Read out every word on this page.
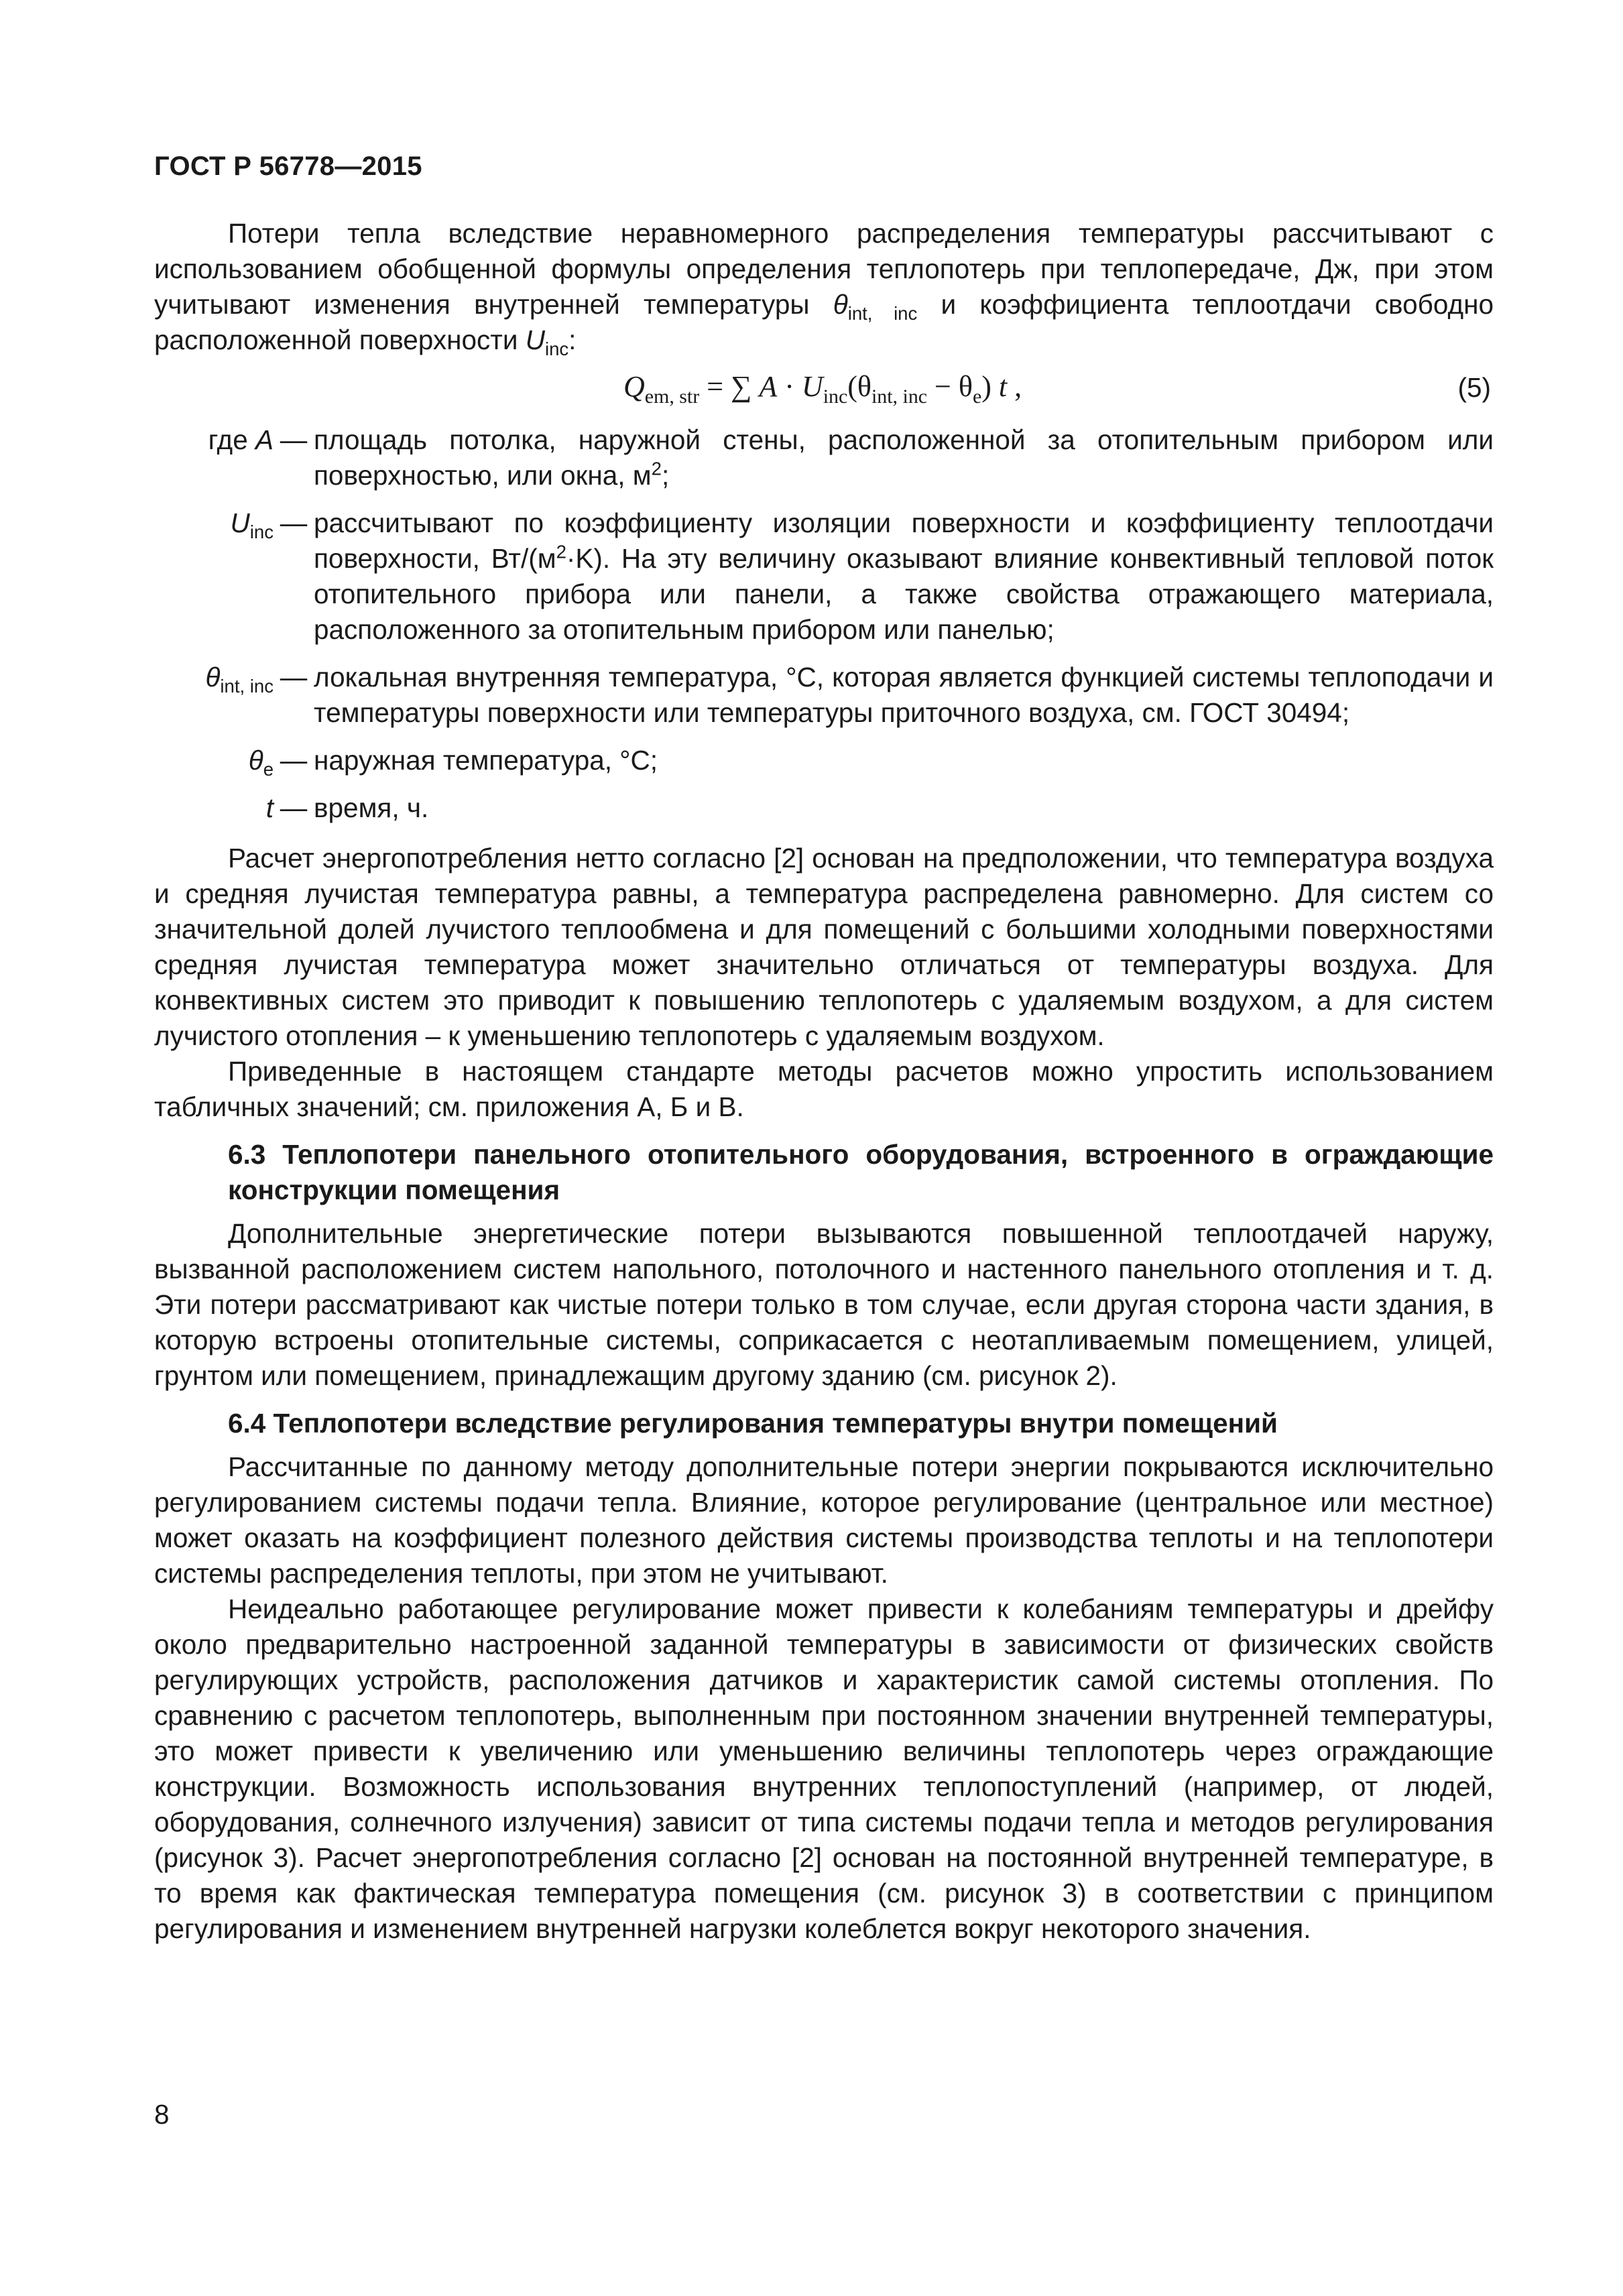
ГОСТ Р 56778—2015

Потери тепла вследствие неравномерного распределения температуры рассчитывают с использованием обобщенной формулы определения теплопотерь при теплопередаче, Дж, при этом учитывают изменения внутренней температуры $\theta_{int, inc}$ и коэффициента теплоотдачи свободно расположенной поверхности $U_{inc}$:

$Q_{em, str}$ = ∑ $A \cdot U_{inc}(\theta_{int, inc} - \theta_e)$ t ,	(5)
где A — площадь потолка, наружной стены, расположенной за отопительным прибором или поверхностью, или окна, $м^2$;
$U_{inc}$ — рассчитывают по коэффициенту изоляции поверхности и коэффициенту теплоотдачи поверхности, $Вт/(м^2\cdot K)$. На эту величину оказывают влияние конвективный тепловой поток отопительного прибора или панели, а также свойства отражающего материала, расположенного за отопительным прибором или панелью;
$\theta_{int, inc}$ — локальная внутренняя температура, °C, которая является функцией системы теплоподачи и температуры поверхности или температуры приточного воздуха, см. ГОСТ 30494;
$\theta_e$ — наружная температура, °C;
t — время, ч.

Расчет энергопотребления нетто согласно [2] основан на предположении, что температура воздуха и средняя лучистая температура равны, а температура распределена равномерно. Для систем со значительной долей лучистого теплообмена и для помещений с большими холодными поверхностями средняя лучистая температура может значительно отличаться от температуры воздуха. Для конвективных систем это приводит к повышению теплопотерь с удаляемым воздухом, а для систем лучистого отопления – к уменьшению теплопотерь с удаляемым воздухом.

Приведенные в настоящем стандарте методы расчетов можно упростить использованием табличных значений; см. приложения А, Б и В.

6.3 Теплопотери панельного отопительного оборудования, встроенного в ограждающие конструкции помещения

Дополнительные энергетические потери вызываются повышенной теплоотдачей наружу, вызванной расположением систем напольного, потолочного и настенного панельного отопления и т. д. Эти потери рассматривают как чистые потери только в том случае, если другая сторона части здания, в которую встроены отопительные системы, соприкасается с неотапливаемым помещением, улицей, грунтом или помещением, принадлежащим другому зданию (см. рисунок 2).

6.4 Теплопотери вследствие регулирования температуры внутри помещений

Рассчитанные по данному методу дополнительные потери энергии покрываются исключительно регулированием системы подачи тепла. Влияние, которое регулирование (центральное или местное) может оказать на коэффициент полезного действия системы производства теплоты и на теплопотери системы распределения теплоты, при этом не учитывают.

Неидеально работающее регулирование может привести к колебаниям температуры и дрейфу около предварительно настроенной заданной температуры в зависимости от физических свойств регулирующих устройств, расположения датчиков и характеристик самой системы отопления. По сравнению с расчетом теплопотерь, выполненным при постоянном значении внутренней температуры, это может привести к увеличению или уменьшению величины теплопотерь через ограждающие конструкции. Возможность использования внутренних теплопоступлений (например, от людей, оборудования, солнечного излучения) зависит от типа системы подачи тепла и методов регулирования (рисунок 3). Расчет энергопотребления согласно [2] основан на постоянной внутренней температуре, в то время как фактическая температура помещения (см. рисунок 3) в соответствии с принципом регулирования и изменением внутренней нагрузки колеблется вокруг некоторого значения.

8
